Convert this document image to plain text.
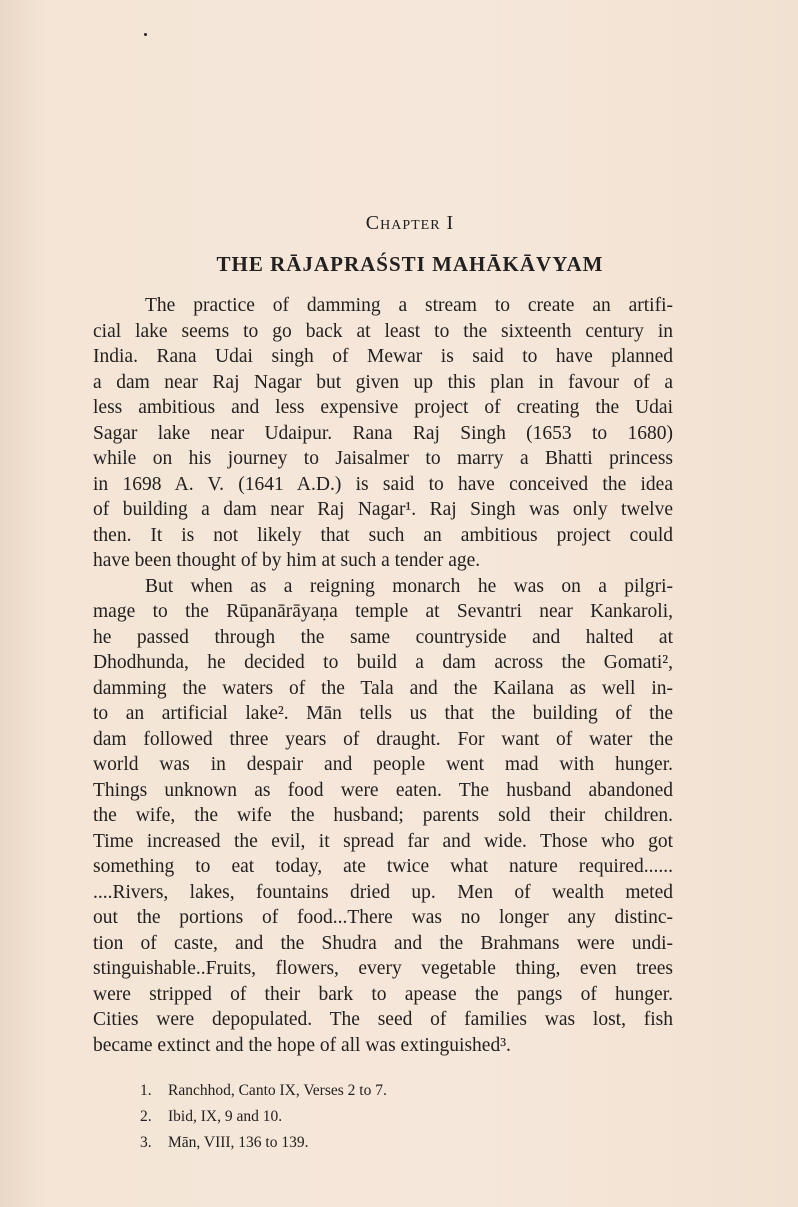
Chapter I
THE RĀJAPRAŚSTI MAHĀKĀVYAM
The practice of damming a stream to create an artifi-
cial lake seems to go back at least to the sixteenth century in
India. Rana Udai singh of Mewar is said to have planned
a dam near Raj Nagar but given up this plan in favour of a
less ambitious and less expensive project of creating the Udai
Sagar lake near Udaipur. Rana Raj Singh (1653 to 1680)
while on his journey to Jaisalmer to marry a Bhatti princess
in 1698 A. V. (1641 A.D.) is said to have conceived the idea
of building a dam near Raj Nagar¹. Raj Singh was only twelve
then. It is not likely that such an ambitious project could
have been thought of by him at such a tender age.
But when as a reigning monarch he was on a pilgri-
mage to the Rūpanārāyaṇa temple at Sevantri near Kankaroli,
he passed through the same countryside and halted at
Dhodhunda, he decided to build a dam across the Gomati²,
damming the waters of the Tala and the Kailana as well in-
to an artificial lake². Mān tells us that the building of the
dam followed three years of draught. For want of water the
world was in despair and people went mad with hunger.
Things unknown as food were eaten. The husband abandoned
the wife, the wife the husband; parents sold their children.
Time increased the evil, it spread far and wide. Those who got
something to eat today, ate twice what nature required......
....Rivers, lakes, fountains dried up. Men of wealth meted
out the portions of food...There was no longer any distinc-
tion of caste, and the Shudra and the Brahmans were undi-
stinguishable..Fruits, flowers, every vegetable thing, even trees
were stripped of their bark to apease the pangs of hunger.
Cities were depopulated. The seed of families was lost, fish
became extinct and the hope of all was extinguished³.
1. Ranchhod, Canto IX, Verses 2 to 7.
2. Ibid, IX, 9 and 10.
3. Mān, VIII, 136 to 139.
